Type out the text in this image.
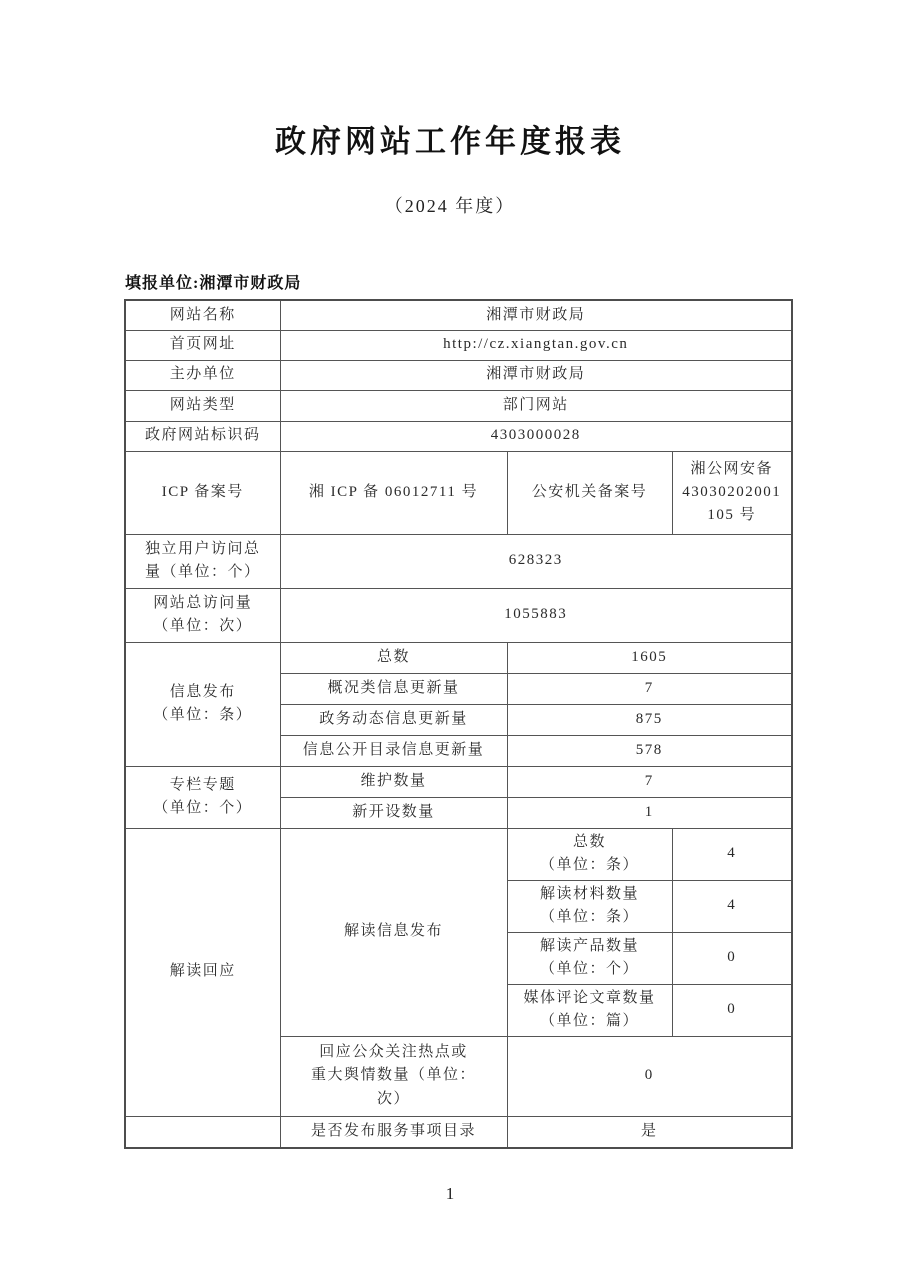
政府网站工作年度报表
（2024 年度）
填报单位:湘潭市财政局
网站名称	湘潭市财政局		
首页网址	http://cz.xiangtan.gov.cn		
主办单位	湘潭市财政局		
网站类型	部门网站		
政府网站标识码	4303000028		
ICP 备案号	湘 ICP 备 06012711 号	公安机关备案号	湘公网安备
43030202001
105 号

独立用户访问总
量（单位：个）	628323		

网站总访问量
（单位：次）	1055883		

信息发布
（单位：条）	总数	1605	
	概况类信息更新量	7	
	政务动态信息更新量	875	
	信息公开目录信息更新量	578	

专栏专题
（单位：个）	维护数量	7	
	新开设数量	1	
解读回应	解读信息发布	总数
（单位：条）	4

		解读材料数量
（单位：条）	4

		解读产品数量
（单位：个）	0

		媒体评论文章数量
（单位：篇）	0

	回应公众关注热点或
重大舆情数量（单位：
次）	0	
	是否发布服务事项目录	是	
1
